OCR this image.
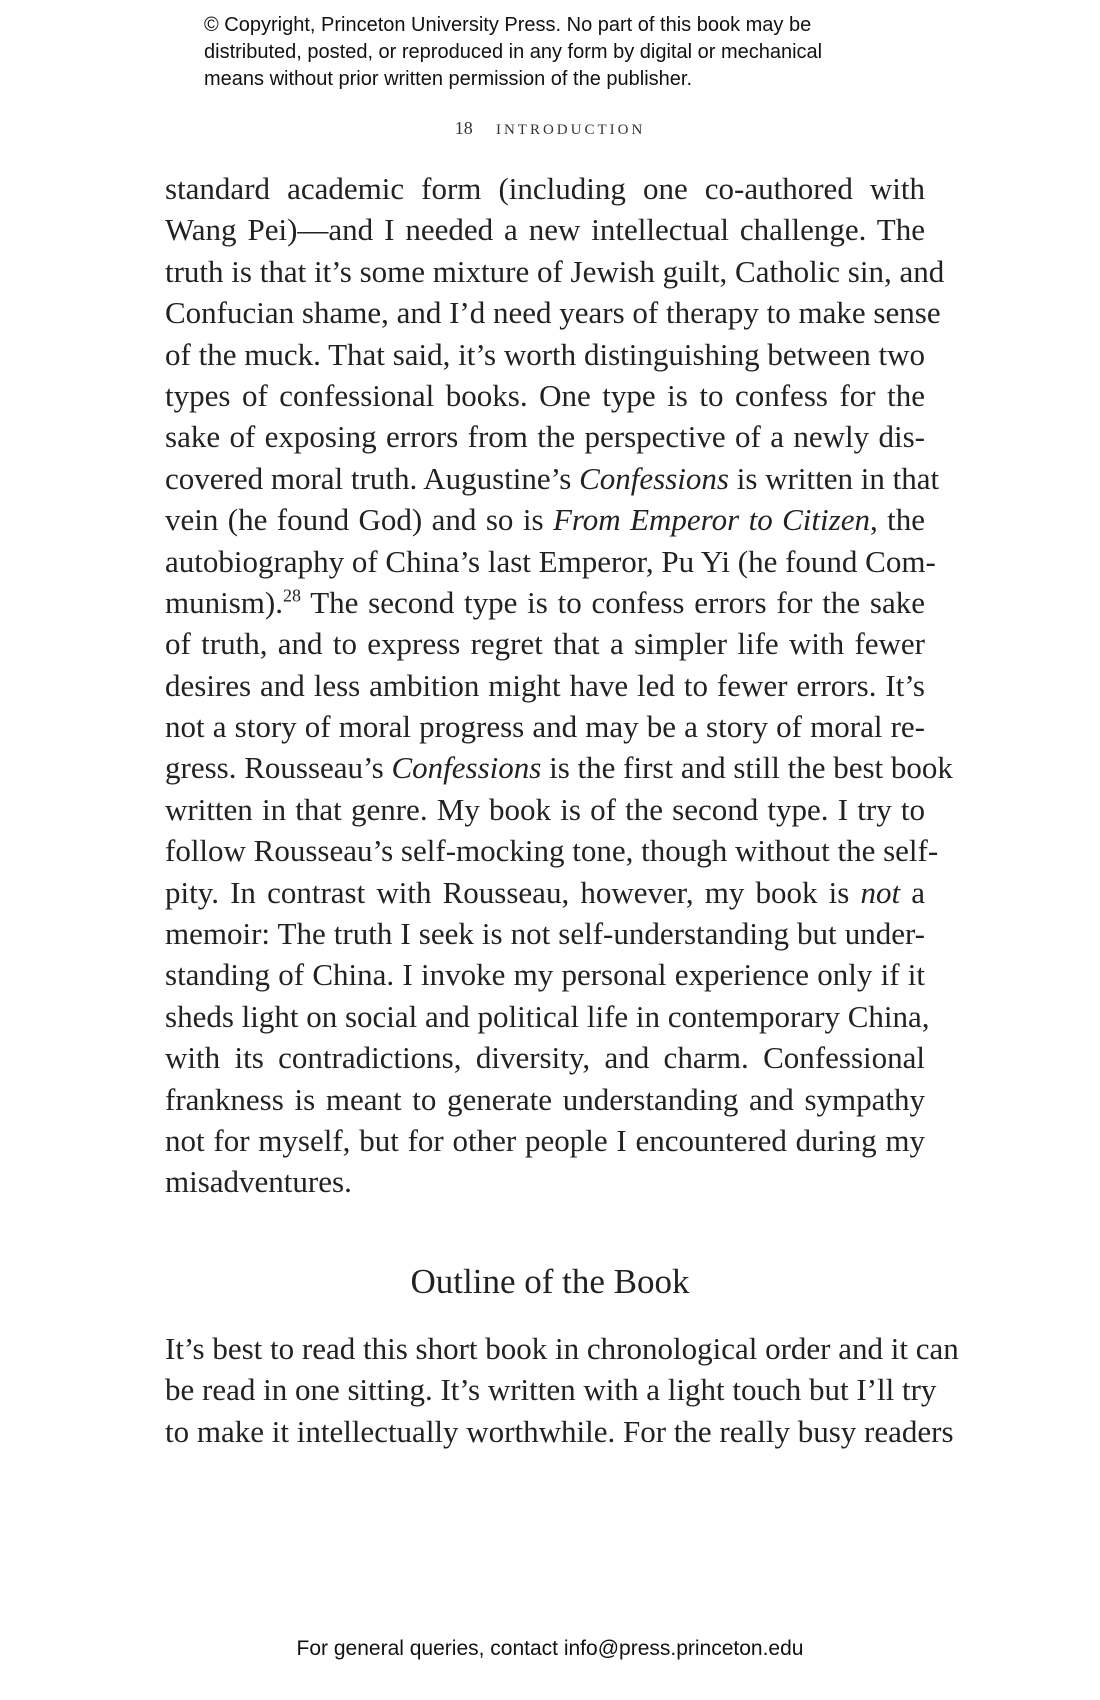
© Copyright, Princeton University Press. No part of this book may be
distributed, posted, or reproduced in any form by digital or mechanical
means without prior written permission of the publisher.
18 introduction
standard academic form (including one co-authored with
Wang Pei)—and I needed a new intellectual challenge. The
truth is that it’s some mixture of Jewish guilt, Catholic sin, and
Confucian shame, and I’d need years of therapy to make sense
of the muck. That said, it’s worth distinguishing between two
types of confessional books. One type is to confess for the
sake of exposing errors from the perspective of a newly dis-
covered moral truth. Augustine’s Confessions is written in that
vein (he found God) and so is From Emperor to Citizen, the
autobiography of China’s last Emperor, Pu Yi (he found Com-
munism).$^{28}$ The second type is to confess errors for the sake
of truth, and to express regret that a simpler life with fewer
desires and less ambition might have led to fewer errors. It’s
not a story of moral progress and may be a story of moral re-
gress. Rousseau’s Confessions is the first and still the best book
written in that genre. My book is of the second type. I try to
follow Rousseau’s self-mocking tone, though without the self-
pity. In contrast with Rousseau, however, my book is not a
memoir: The truth I seek is not self-understanding but under-
standing of China. I invoke my personal experience only if it
sheds light on social and political life in contemporary China,
with its contradictions, diversity, and charm. Confessional
frankness is meant to generate understanding and sympathy
not for myself, but for other people I encountered during my
misadventures.
Outline of the Book
It’s best to read this short book in chronological order and it can
be read in one sitting. It’s written with a light touch but I’ll try
to make it intellectually worthwhile. For the really busy readers
For general queries, contact info@press.princeton.edu
